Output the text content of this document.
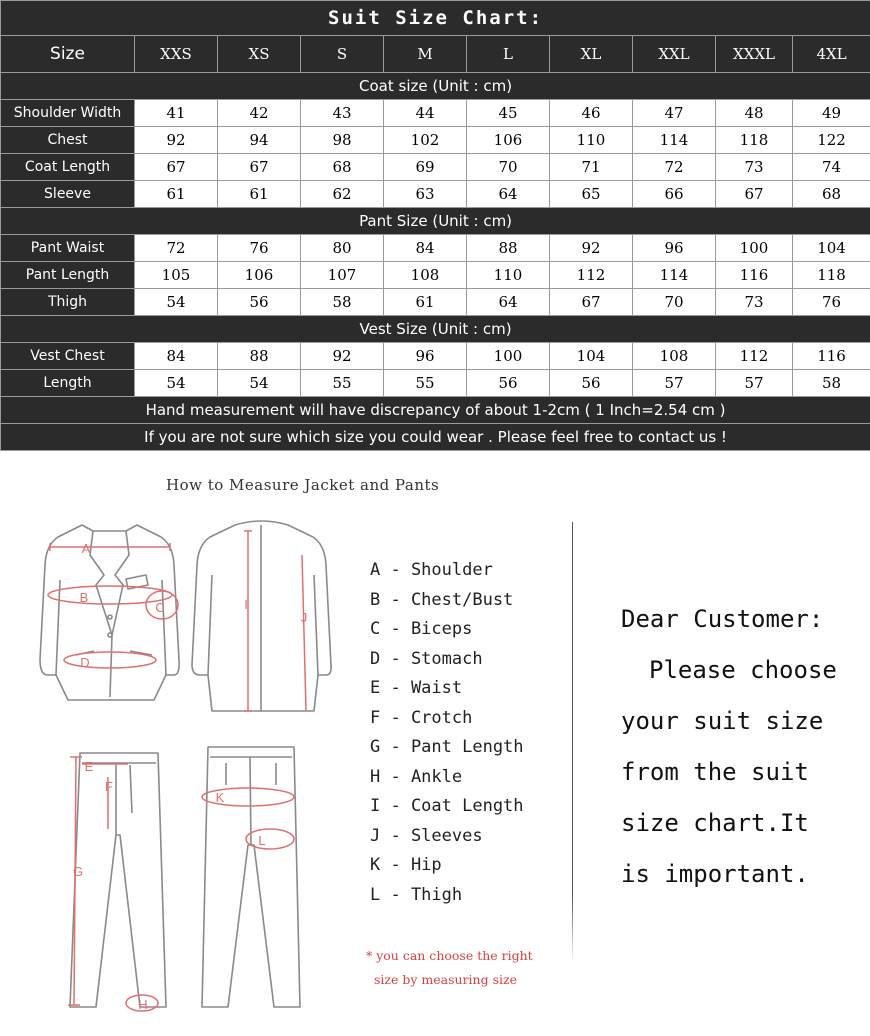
Suit Size Chart:									
Size	XXS	XS	S	M	L	XL	XXL	XXXL	4XL
Coat size (Unit : cm)									
Shoulder Width	41	42	43	44	45	46	47	48	49
Chest	92	94	98	102	106	110	114	118	122
Coat Length	67	67	68	69	70	71	72	73	74
Sleeve	61	61	62	63	64	65	66	67	68
Pant Size (Unit : cm)									
Pant Waist	72	76	80	84	88	92	96	100	104
Pant Length	105	106	107	108	110	112	114	116	118
Thigh	54	56	58	61	64	67	70	73	76
Vest Size (Unit : cm)									
Vest Chest	84	88	92	96	100	104	108	112	116
Length	54	54	55	55	56	56	57	57	58
Hand measurement will have discrepancy of about 1-2cm ( 1 Inch=2.54 cm )									
If you are not sure which size you could wear . Please feel free to contact us !									
How to Measure Jacket and Pants
A
B
C
D
I
J
E
F
G
H
K
L
A - Shoulder
B - Chest/Bust
C - Biceps
D - Stomach
E - Waist
F - Crotch
G - Pant Length
H - Ankle
I - Coat Length
J - Sleeves
K - Hip
L - Thigh
* you can choose the right
size by measuring size
Dear Customer:
Please choose
your suit size
from the suit
size chart.It
is important.
